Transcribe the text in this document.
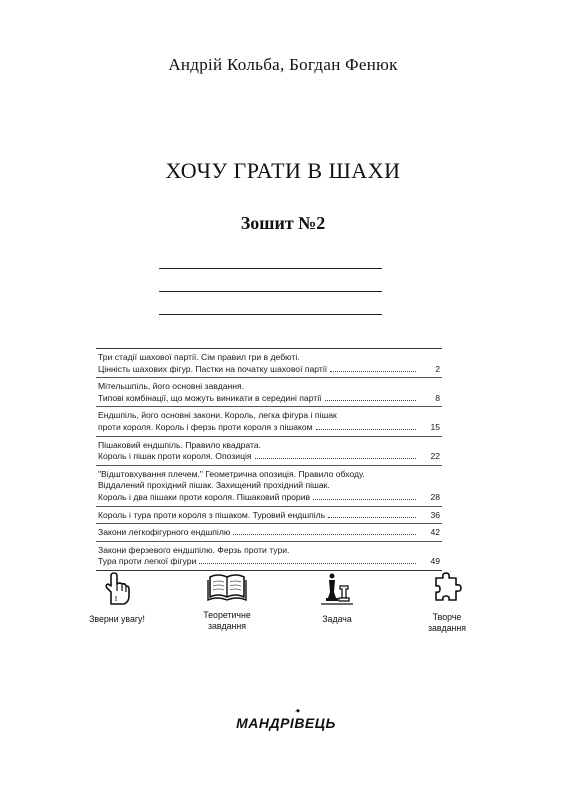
Андрій Кольба, Богдан Фенюк
ХОЧУ ГРАТИ В ШАХИ
Зошит №2
Три стадії шахової партії. Сім правил гри в дебюті.
Цінність шахових фігур. Пастки на початку шахової партії	2
Мітельшпіль, його основні завдання.
Типові комбінації, що можуть виникати в середині партії	8
Ендшпіль, його основні закони. Король, легка фігура і пішак
проти короля. Король і ферзь проти короля з пішаком	15
Пішаковий ендшпіль. Правило квадрата.
Король і пішак проти короля. Опозиція	22
"Відштовхування плечем." Геометрична опозиція. Правило обходу.
Віддалений прохідний пішак. Захищений прохідний пішак.
Король і два пішаки проти короля. Пішаковий прорив	28
Король і тура проти короля з пішаком. Туровий ендшпіль	36
Закони легкофігурного ендшпілю	42
Закони ферзевого ендшпілю. Ферзь проти тури.
Тура проти легкої фігури	49
!
Зверни увагу!	Теоретичне
завдання
Задача	Творче
завдання
МАНДРІВЕЦЬ
